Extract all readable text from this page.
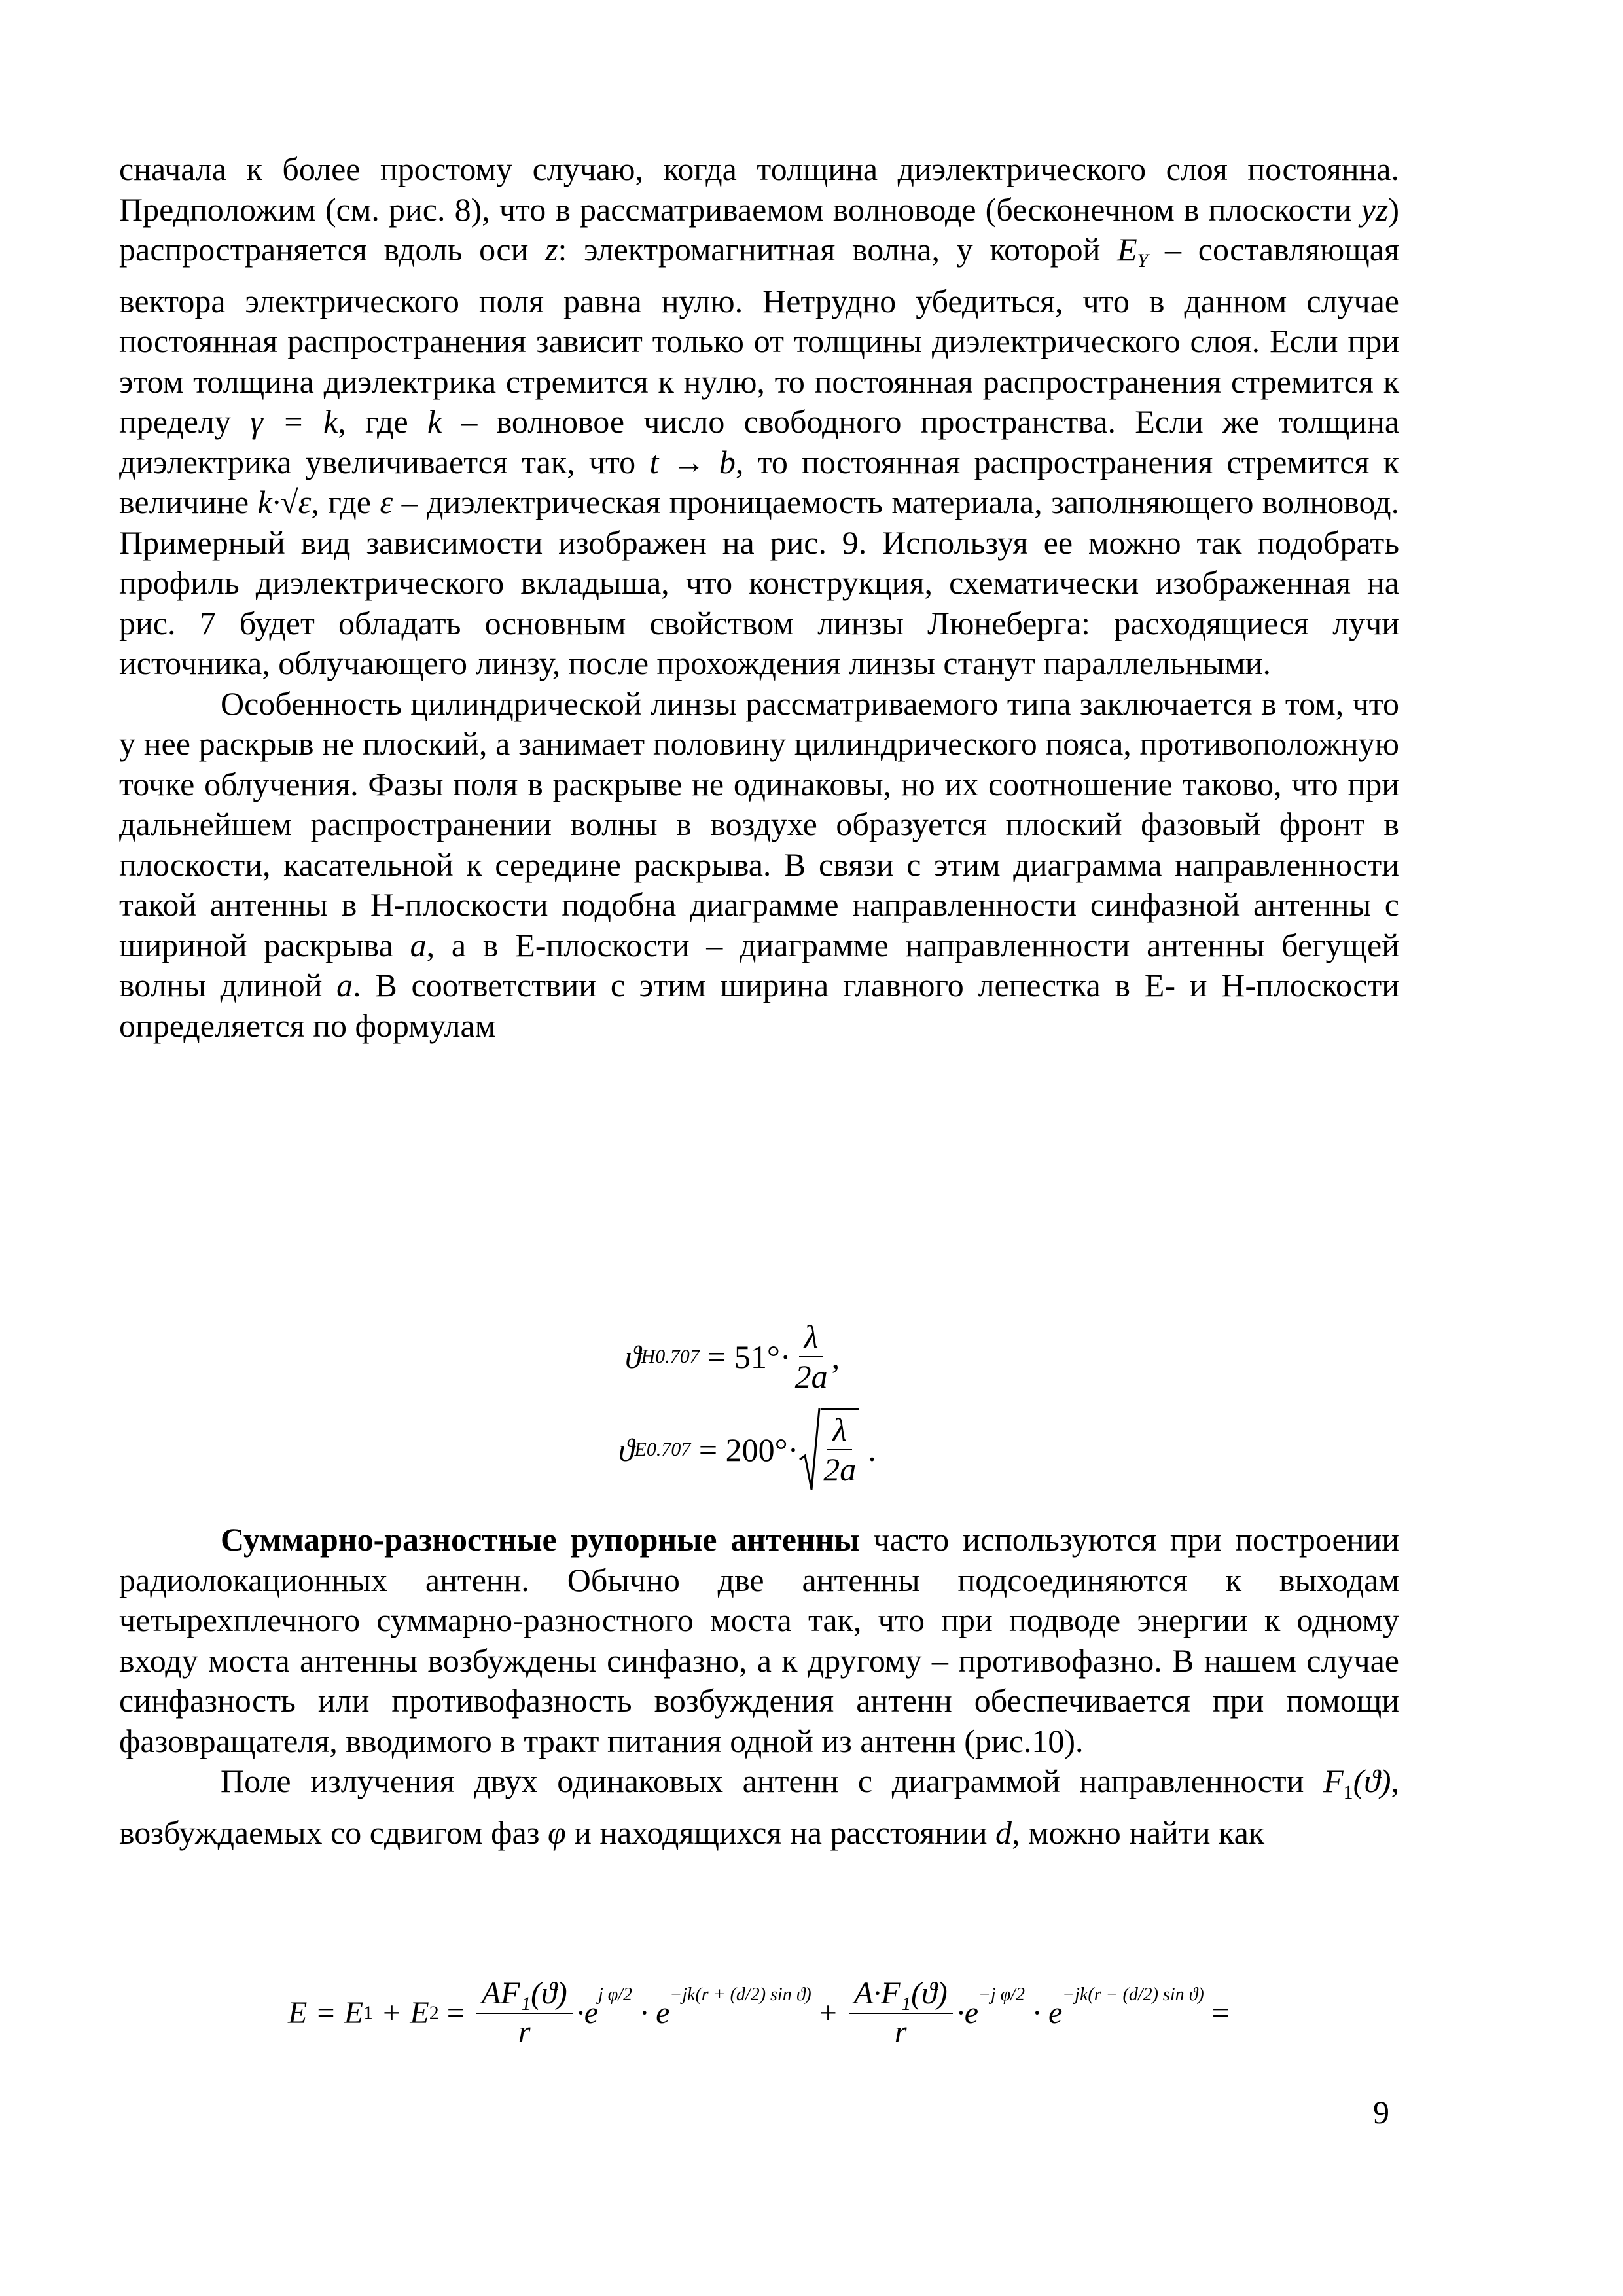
сначала к более простому случаю, когда толщина диэлектрического слоя постоянна. Предположим (см. рис. 8), что в рассматриваемом волноводе (бесконечном в плоскости yz) распространяется вдоль оси z: электромагнитная волна, у которой $E_Y$ – составляющая вектора электрического поля равна нулю. Нетрудно убедиться, что в данном случае постоянная распространения зависит только от толщины диэлектрического слоя. Если при этом толщина диэлектрика стремится к нулю, то постоянная распространения стремится к пределу γ = k, где k – волновое число свободного пространства. Если же толщина диэлектрика увеличивается так, что t → b, то постоянная распространения стремится к величине k·√ε, где ε – диэлектрическая проницаемость материала, заполняющего волновод. Примерный вид зависимости изображен на рис. 9. Используя ее можно так подобрать профиль диэлектрического вкладыша, что конструкция, схематически изображенная на рис. 7 будет обладать основным свойством линзы Люнеберга: расходящиеся лучи источника, облучающего линзу, после прохождения линзы станут параллельными.

Особенность цилиндрической линзы рассматриваемого типа заключается в том, что у нее раскрыв не плоский, а занимает половину цилиндрического пояса, противоположную точке облучения. Фазы поля в раскрыве не одинаковы, но их соотношение таково, что при дальнейшем распространении волны в воздухе образуется плоский фазовый фронт в плоскости, касательной к середине раскрыва. В связи с этим диаграмма направленности такой антенны в H-плоскости подобна диаграмме направленности синфазной антенны с шириной раскрыва a, а в E-плоскости – диаграмме направленности антенны бегущей волны длиной a. В соответствии с этим ширина главного лепестка в E- и H-плоскости определяется по формулам

ϑ $H0.707 = 51^\circ\cdot \frac{\lambda}{2a}$ ,
ϑ $E0.707 = 200^\circ\cdot \frac{\lambda}{2a}$ .

Суммарно-разностные рупорные антенны часто используются при построении радиолокационных антенн. Обычно две антенны подсоединяются к выходам четырехплечного суммарно-разностного моста так, что при подводе энергии к одному входу моста антенны возбуждены синфазно, а к другому – противофазно. В нашем случае синфазность или противофазность возбуждения антенн обеспечивается при помощи фазовращателя, вводимого в тракт питания одной из антенн (рис.10).

Поле излучения двух одинаковых антенн с диаграммой направленности $F_1(ϑ)$, возбуждаемых со сдвигом фаз φ и находящихся на расстоянии d, можно найти как

E = E 1 + E $2 = \frac{\text{AF₁(ϑ)}}{r} \cdot e$
j φ/2
· e
−jk(r + (d/2) sin ϑ)
+ $\frac{\text{A·F₁(ϑ)}}{r} \cdot e$
−j φ/2
· e
−jk(r − (d/2) sin ϑ)
=
9
